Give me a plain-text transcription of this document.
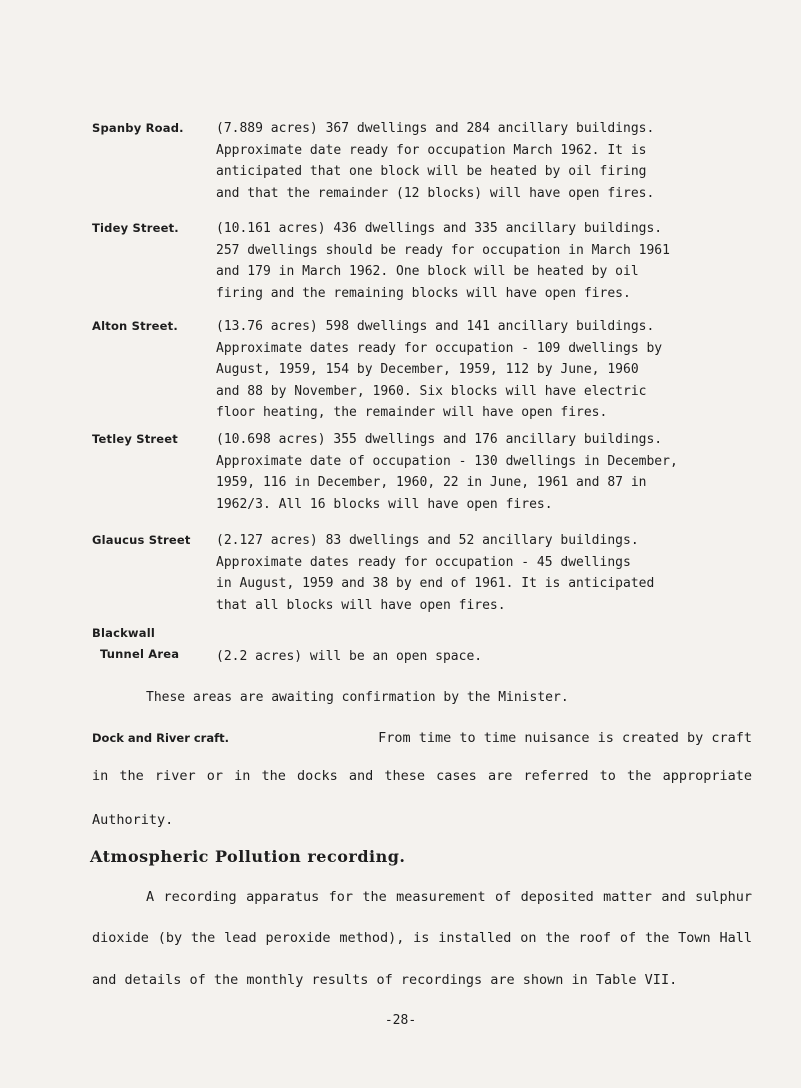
Spanby Road. (7.889 acres) 367 dwellings and 284 ancillary buildings.
Approximate date ready for occupation March 1962. It is
anticipated that one block will be heated by oil firing
and that the remainder (12 blocks) will have open fires.
Tidey Street.	(10.161 acres) 436 dwellings and 335 ancillary buildings.
257 dwellings should be ready for occupation in March 1961
and 179 in March 1962. One block will be heated by oil
firing and the remaining blocks will have open fires.
Alton Street.	(13.76 acres) 598 dwellings and 141 ancillary buildings.
Approximate dates ready for occupation - 109 dwellings by
August, 1959, 154 by December, 1959, 112 by June, 1960
and 88 by November, 1960. Six blocks will have electric
floor heating, the remainder will have open fires.
Tetley Street	(10.698 acres) 355 dwellings and 176 ancillary buildings.
Approximate date of occupation - 130 dwellings in December,
1959, 116 in December, 1960, 22 in June, 1961 and 87 in
1962/3. All 16 blocks will have open fires.
Glaucus Street (2.127 acres) 83 dwellings and 52 ancillary buildings.
Approximate dates ready for occupation - 45 dwellings
in August, 1959 and 38 by end of 1961. It is anticipated
that all blocks will have open fires.
Blackwall
Tunnel Area	(2.2 acres) will be an open space.
These areas are awaiting confirmation by the Minister.
Dock and River craft.	From time to time nuisance is created by craft
in the river or in the docks and these cases are referred to the appropriate
Authority.
Atmospheric Pollution recording.
A recording apparatus for the measurement of deposited matter and sulphur
dioxide (by the lead peroxide method), is installed on the roof of the Town Hall
and details of the monthly results of recordings are shown in Table VII.
-28-
